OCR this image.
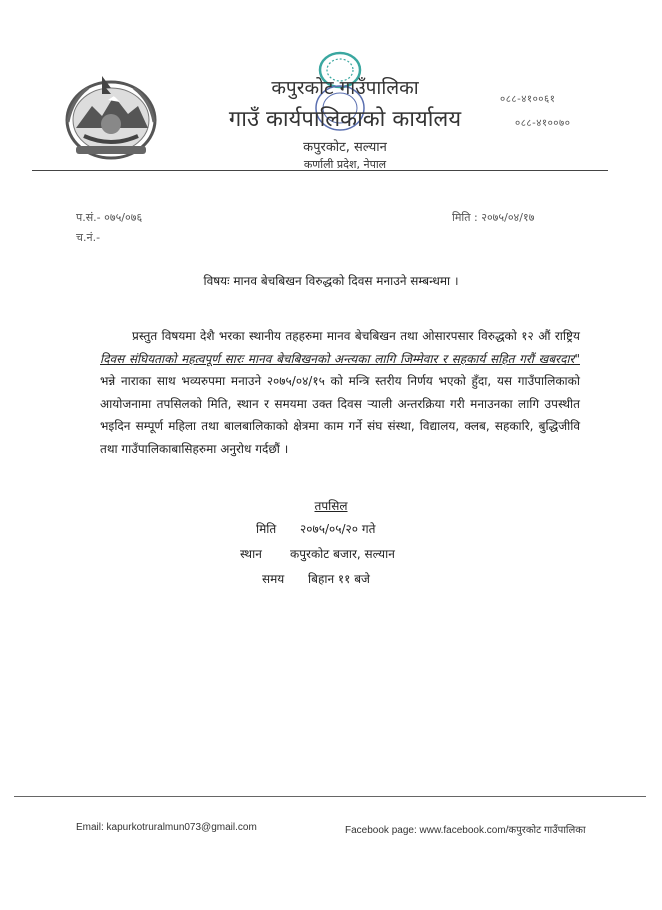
कपुरकोट गाउँपालिका
गाउँ कार्यपालिकाको कार्यालय
कपुरकोट, सल्यान
कर्णाली प्रदेश, नेपाल
०८८-४१००६१
०८८-४१००७०
प.सं.- ०७५/०७६
च.नं.-
मिति : २०७५/०४/१७
विषयः मानव बेचबिखन विरुद्धको दिवस मनाउने सम्बन्धमा ।
प्रस्तुत विषयमा देशै भरका स्थानीय तहहरुमा मानव बेचबिखन तथा ओसारपसार विरुद्धको १२ औं राष्ट्रिय दिवस संघियताको महत्वपूर्ण सारः मानव बेचबिखनको अन्त्यका लागि जिम्मेवार र सहकार्य सहित गरौं खबरदार" भन्ने नाराका साथ भव्यरुपमा मनाउने २०७५/०४/१५ को मन्त्रि स्तरीय निर्णय भएको हुँदा, यस गाउँपालिकाको आयोजनामा तपसिलको मिति, स्थान र समयमा उक्त दिवस र्‍याली अन्तरक्रिया गरी मनाउनका लागि उपस्थीत भइदिन सम्पूर्ण महिला तथा बालबालिकाको क्षेत्रमा काम गर्ने संघ संस्था, विद्यालय, क्लब, सहकारि, बुद्धिजीवि तथा गाउँपालिकाबासिहरुमा अनुरोध गर्दछौं ।
तपसिल
मिति २०७५/०५/२० गते
स्थान कपुरकोट बजार, सल्यान
समय बिहान ११ बजे
Email: kapurkotruralmun073@gmail.com	Facebook page: www.facebook.com/कपुरकोट गाउँपालिका
